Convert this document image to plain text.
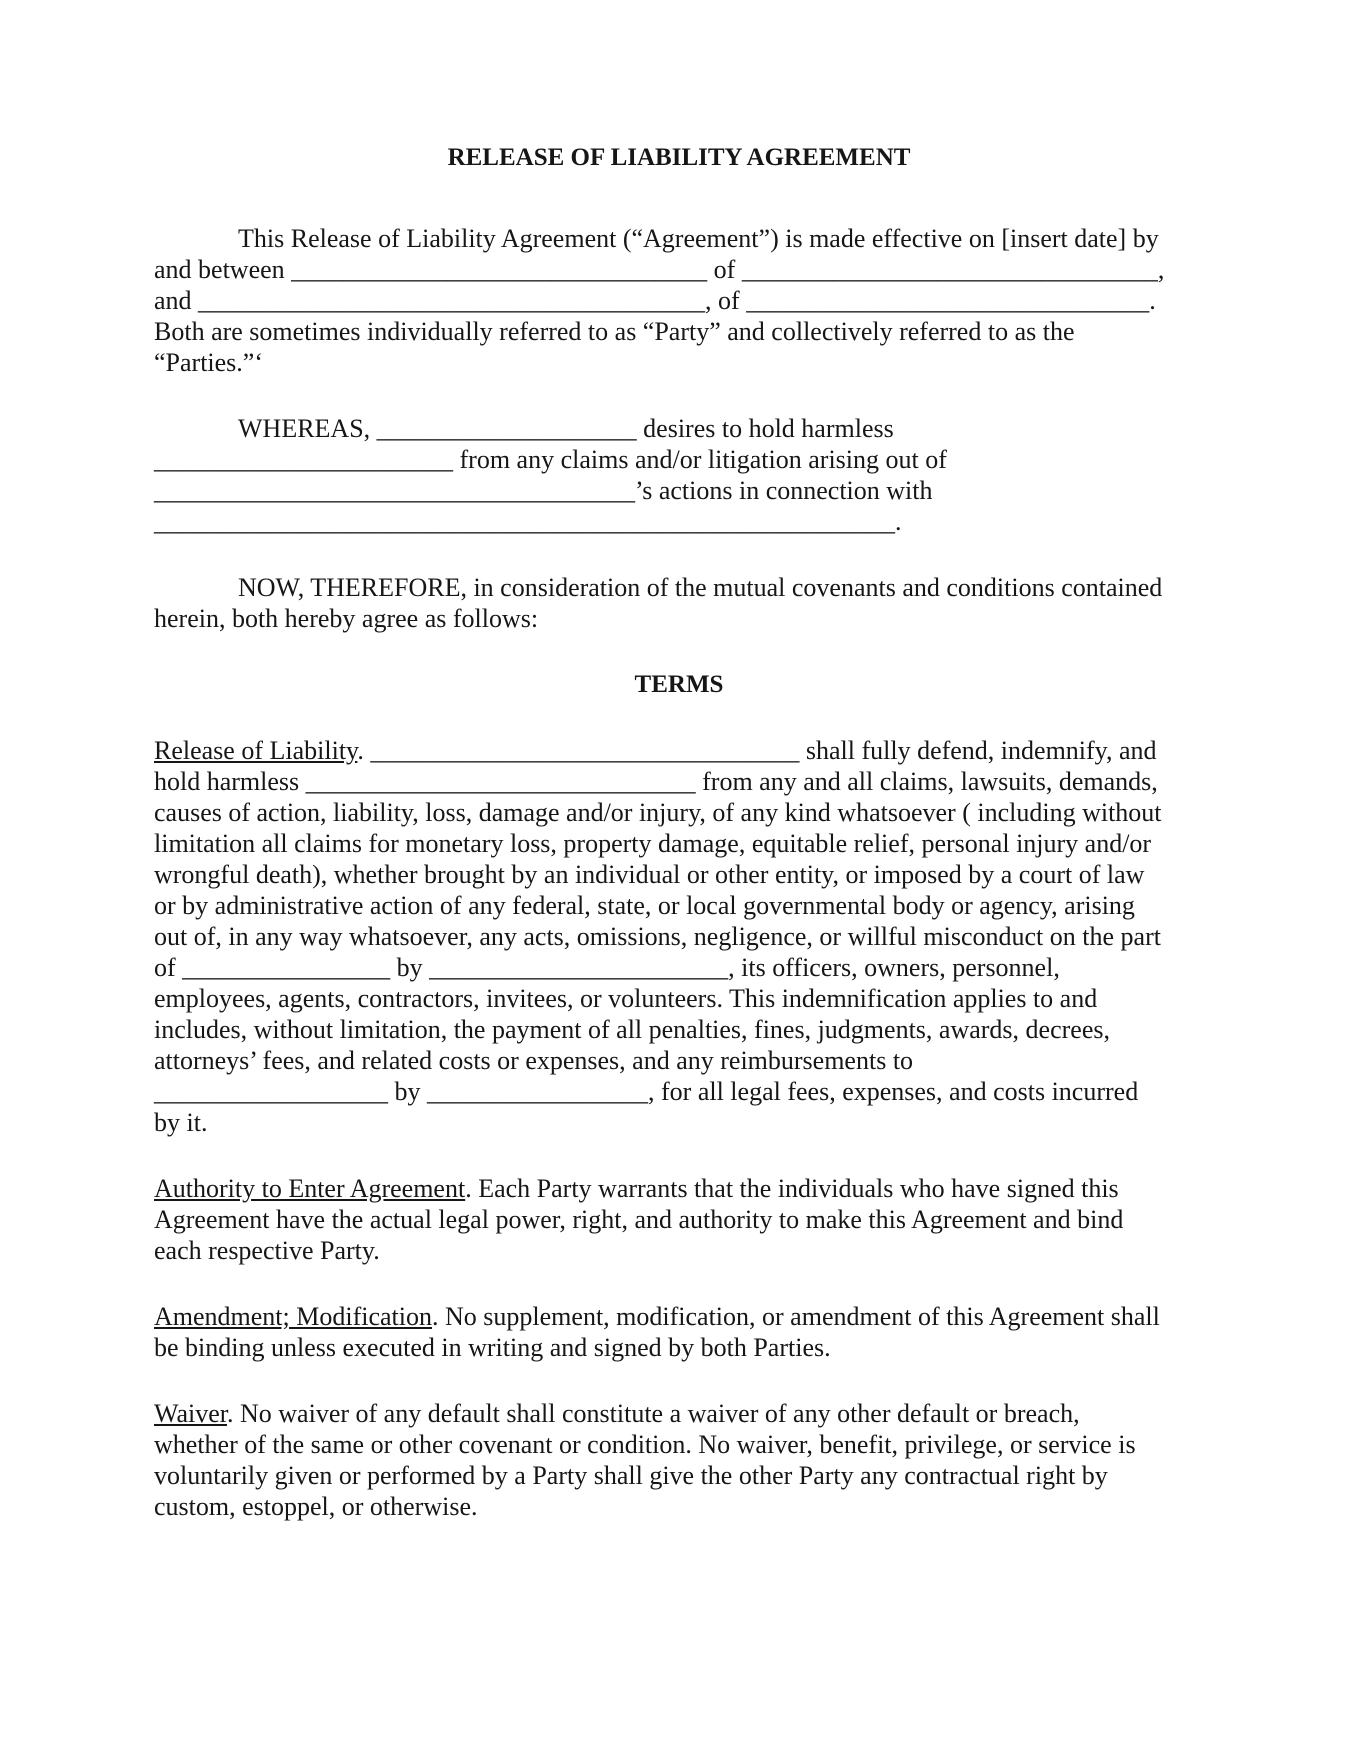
RELEASE OF LIABILITY AGREEMENT

This Release of Liability Agreement (“Agreement”) is made effective on [insert date] by
and between ________________________________ of ________________________________,
and _______________________________________, of _______________________________.
Both are sometimes individually referred to as “Party” and collectively referred to as the
“Parties.”‘

WHEREAS, ____________________ desires to hold harmless
_______________________ from any claims and/or litigation arising out of
_____________________________________’s actions in connection with
_________________________________________________________.

NOW, THEREFORE, in consideration of the mutual covenants and conditions contained
herein, both hereby agree as follows:

TERMS

Release of Liability. _________________________________ shall fully defend, indemnify, and
hold harmless ______________________________ from any and all claims, lawsuits, demands,
causes of action, liability, loss, damage and/or injury, of any kind whatsoever ( including without
limitation all claims for monetary loss, property damage, equitable relief, personal injury and/or
wrongful death), whether brought by an individual or other entity, or imposed by a court of law
or by administrative action of any federal, state, or local governmental body or agency, arising
out of, in any way whatsoever, any acts, omissions, negligence, or willful misconduct on the part
of ________________ by _______________________, its officers, owners, personnel,
employees, agents, contractors, invitees, or volunteers. This indemnification applies to and
includes, without limitation, the payment of all penalties, fines, judgments, awards, decrees,
attorneys’ fees, and related costs or expenses, and any reimbursements to
__________________ by _________________, for all legal fees, expenses, and costs incurred
by it.

Authority to Enter Agreement. Each Party warrants that the individuals who have signed this
Agreement have the actual legal power, right, and authority to make this Agreement and bind
each respective Party.

Amendment; Modification. No supplement, modification, or amendment of this Agreement shall
be binding unless executed in writing and signed by both Parties.

Waiver. No waiver of any default shall constitute a waiver of any other default or breach,
whether of the same or other covenant or condition. No waiver, benefit, privilege, or service is
voluntarily given or performed by a Party shall give the other Party any contractual right by
custom, estoppel, or otherwise.
